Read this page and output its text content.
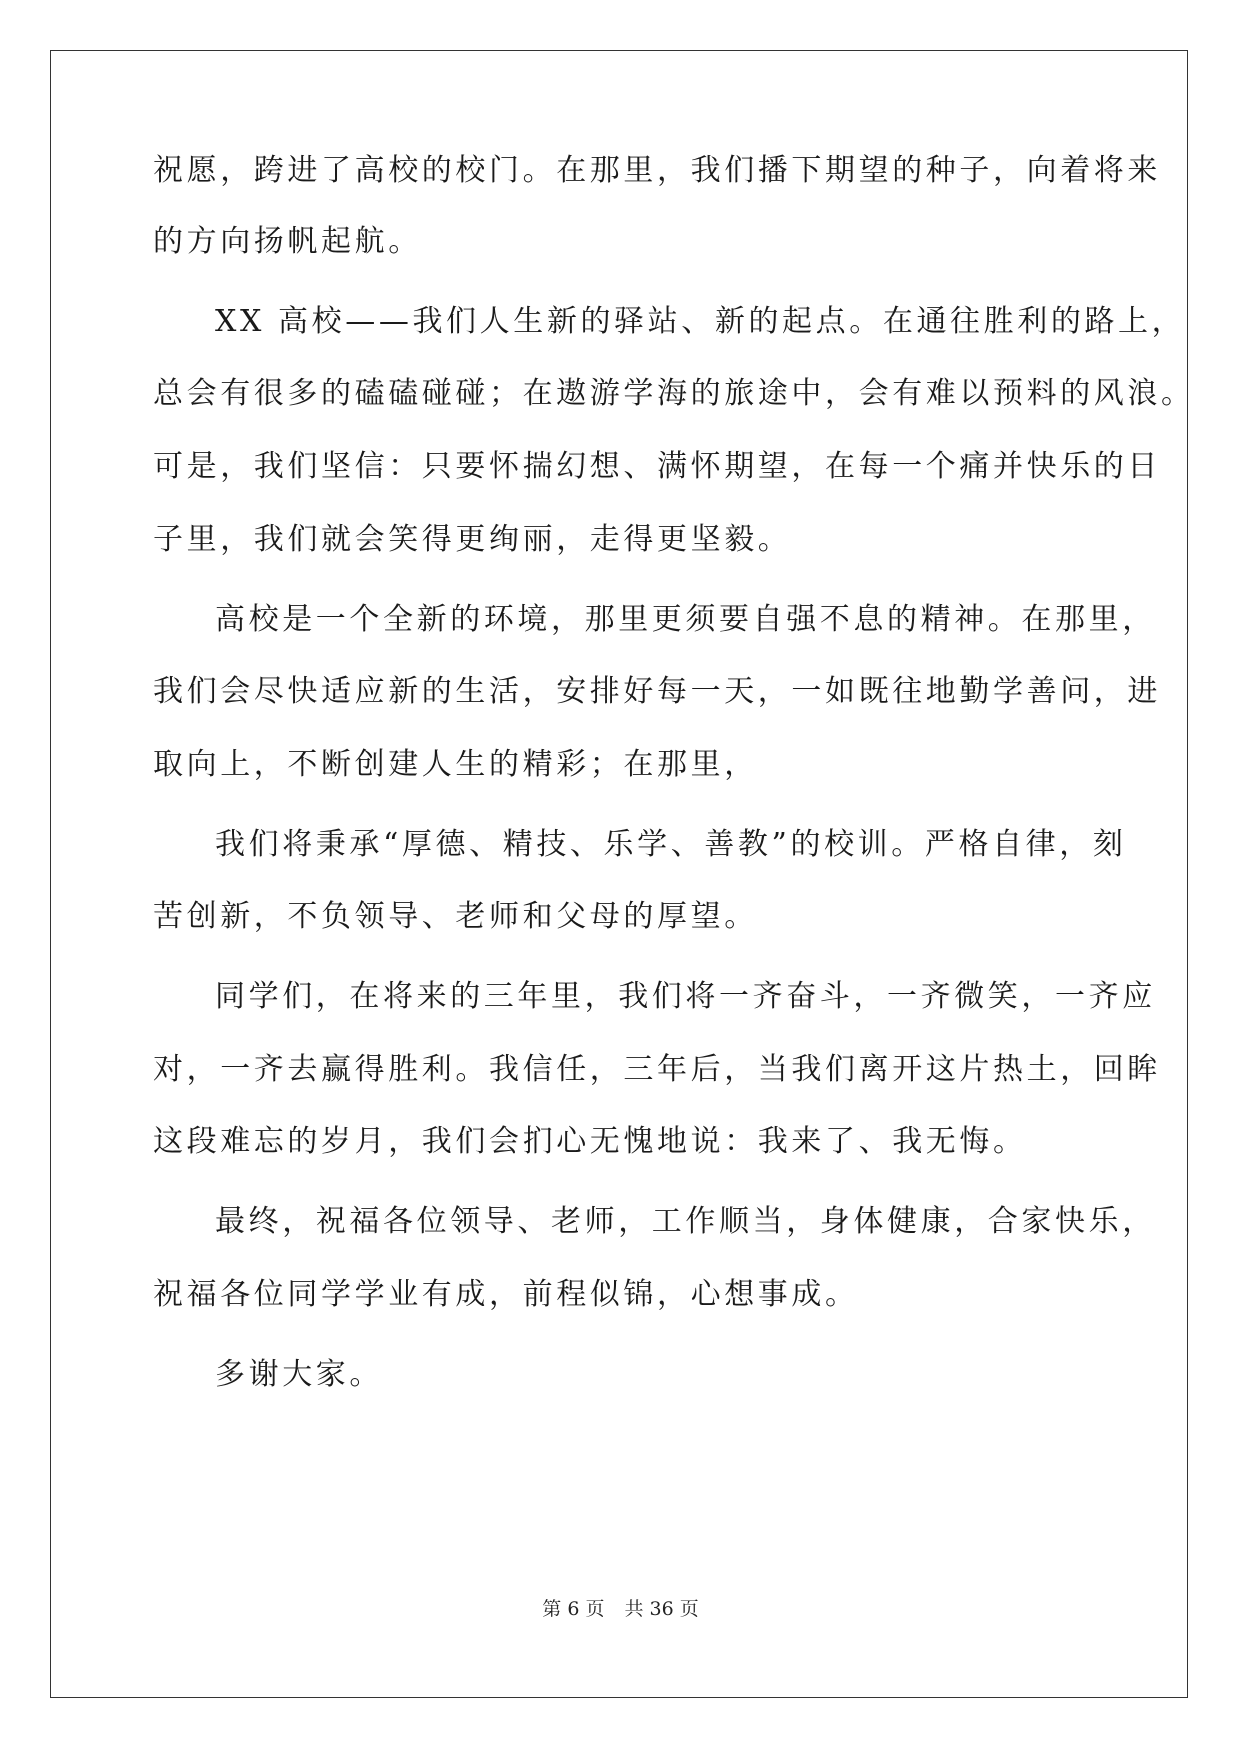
祝愿，跨进了高校的校门。在那里，我们播下期望的种子，向着将来
的方向扬帆起航。
XX 高校——我们人生新的驿站、新的起点。在通往胜利的路上，
总会有很多的磕磕碰碰；在遨游学海的旅途中，会有难以预料的风浪。
可是，我们坚信：只要怀揣幻想、满怀期望，在每一个痛并快乐的日
子里，我们就会笑得更绚丽，走得更坚毅。
高校是一个全新的环境，那里更须要自强不息的精神。在那里，
我们会尽快适应新的生活，安排好每一天，一如既往地勤学善问，进
取向上，不断创建人生的精彩；在那里，
我们将秉承“厚德、精技、乐学、善教”的校训。严格自律，刻
苦创新，不负领导、老师和父母的厚望。
同学们，在将来的三年里，我们将一齐奋斗，一齐微笑，一齐应
对，一齐去赢得胜利。我信任，三年后，当我们离开这片热土，回眸
这段难忘的岁月，我们会扪心无愧地说：我来了、我无悔。
最终，祝福各位领导、老师，工作顺当，身体健康，合家快乐，
祝福各位同学学业有成，前程似锦，心想事成。
多谢大家。
第 6 页 共 36 页
